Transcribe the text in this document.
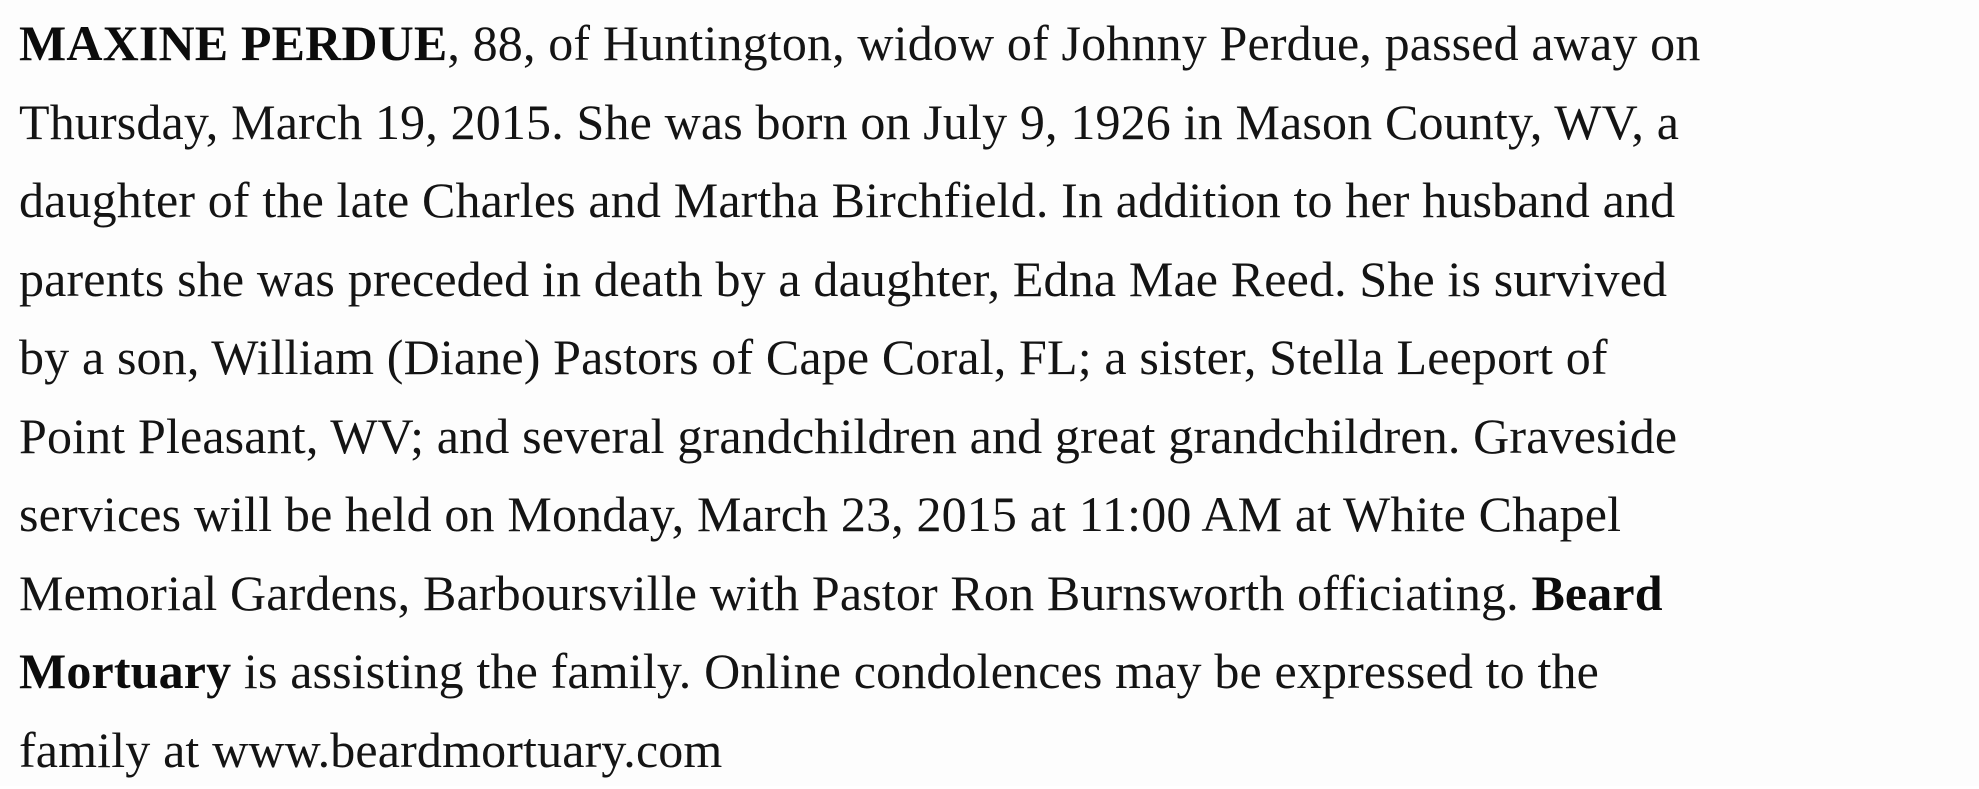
MAXINE PERDUE, 88, of Huntington, widow of Johnny Perdue, passed away on
Thursday, March 19, 2015. She was born on July 9, 1926 in Mason County, WV, a
daughter of the late Charles and Martha Birchfield. In addition to her husband and
parents she was preceded in death by a daughter, Edna Mae Reed. She is survived
by a son, William (Diane) Pastors of Cape Coral, FL; a sister, Stella Leeport of
Point Pleasant, WV; and several grandchildren and great grandchildren. Graveside
services will be held on Monday, March 23, 2015 at 11:00 AM at White Chapel
Memorial Gardens, Barboursville with Pastor Ron Burnsworth officiating. Beard
Mortuary is assisting the family. Online condolences may be expressed to the
family at www.beardmortuary.com
